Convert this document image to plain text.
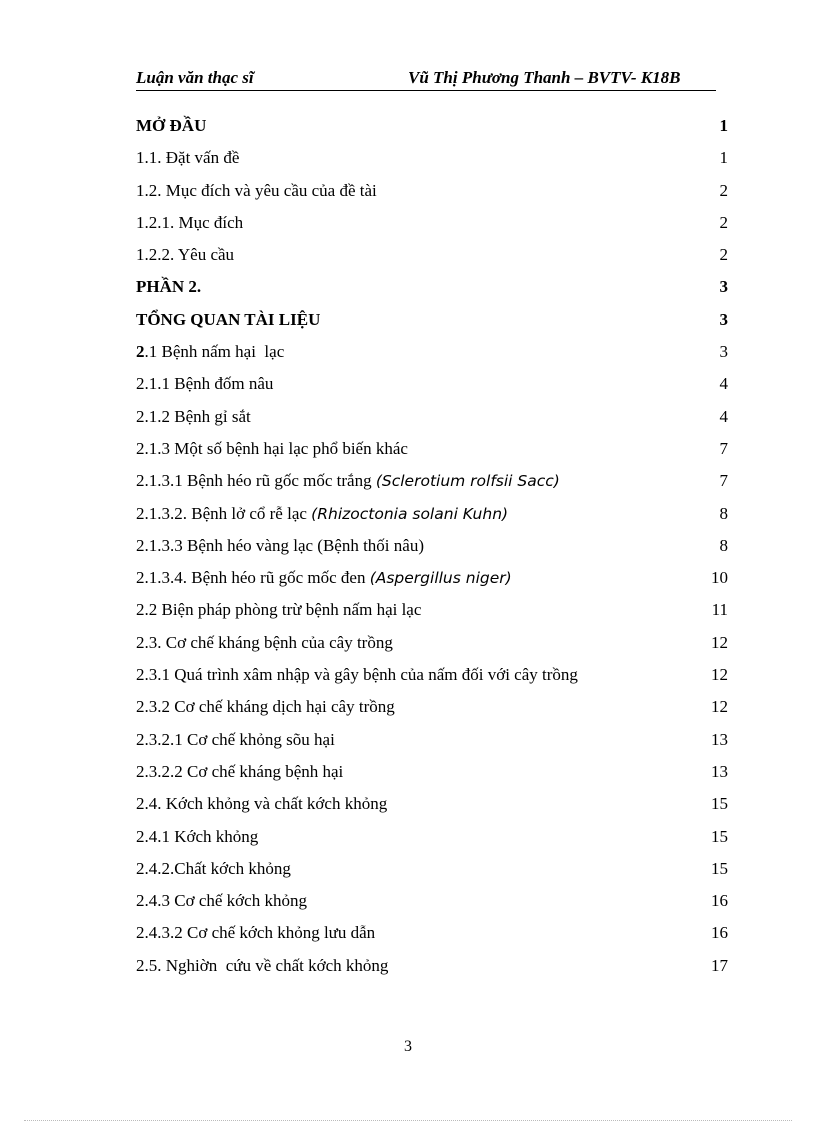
Luận văn thạc sĩ	Vũ Thị Phương Thanh – BVTV- K18B
MỞ ĐẦU	1
1.1. Đặt vấn đề	1
1.2. Mục đích và yêu cầu của đề tài	2
1.2.1. Mục đích	2
1.2.2. Yêu cầu	2
PHẦN 2.	3
TỔNG QUAN TÀI LIỆU	3
2.1 Bệnh nấm hại  lạc	3
2.1.1 Bệnh đốm nâu	4
2.1.2 Bệnh gỉ sắt	4
2.1.3 Một số bệnh hại lạc phổ biến khác	7
2.1.3.1 Bệnh héo rũ gốc mốc trắng (Sclerotium rolfsii Sacc)	7
2.1.3.2. Bệnh lở cổ rễ lạc (Rhizoctonia solani Kuhn)	8
2.1.3.3 Bệnh héo vàng lạc (Bệnh thối nâu)	8
2.1.3.4. Bệnh héo rũ gốc mốc đen (Aspergillus niger)	10
2.2 Biện pháp phòng trừ bệnh nấm hại lạc	11
2.3. Cơ chế kháng bệnh của cây trồng	12
2.3.1 Quá trình xâm nhập và gây bệnh của nấm đối với cây trồng	12
2.3.2 Cơ chế kháng dịch hại cây trồng	12
2.3.2.1 Cơ chế khỏng sõu hại	13
2.3.2.2 Cơ chế kháng bệnh hại	13
2.4. Kớch khỏng và chất kớch khỏng	15
2.4.1 Kớch khỏng	15
2.4.2.Chất kớch khỏng	15
2.4.3 Cơ chế kớch khỏng	16
2.4.3.2 Cơ chế kớch khỏng lưu dẫn	16
2.5. Nghiờn  cứu về chất kớch khỏng	17
3
